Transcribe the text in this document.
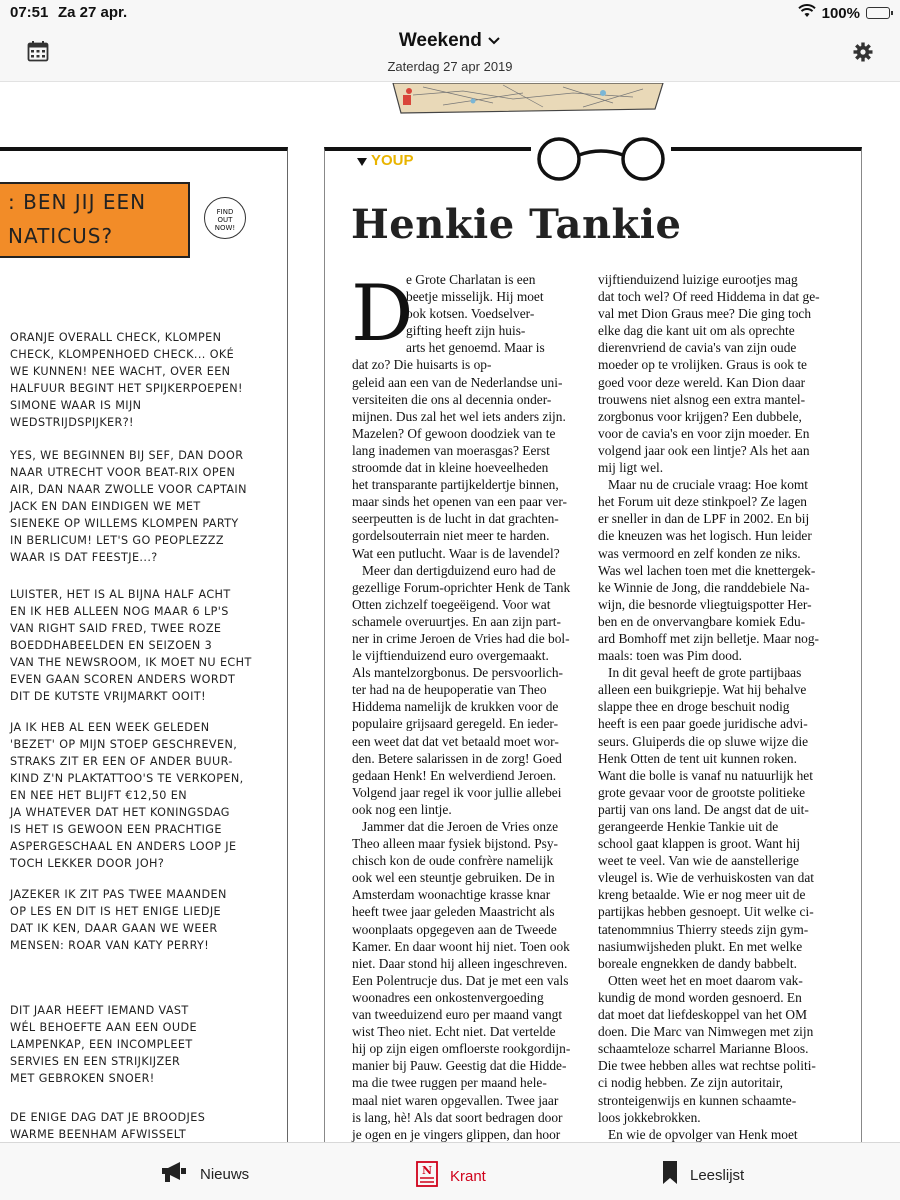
07:51 Za 27 apr.	100%
Weekend
Zaterdag 27 apr 2019
: BEN JIJ EEN
NATICUS?
FIND
OUT
NOW!

ORANJE OVERALL CHECK, KLOMPEN

CHECK, KLOMPENHOED CHECK... OKÉ

WE KUNNEN! NEE WACHT, OVER EEN

HALFUUR BEGINT HET SPIJKERPOEPEN!

SIMONE WAAR IS MIJN

WEDSTRIJDSPIJKER?!

YES, WE BEGINNEN BIJ SEF, DAN DOOR

NAAR UTRECHT VOOR BEAT-RIX OPEN

AIR, DAN NAAR ZWOLLE VOOR CAPTAIN

JACK EN DAN EINDIGEN WE MET

SIENEKE OP WILLEMS KLOMPEN PARTY

IN BERLICUM! LET'S GO PEOPLEZZZ

WAAR IS DAT FEESTJE...?

LUISTER, HET IS AL BIJNA HALF ACHT

EN IK HEB ALLEEN NOG MAAR 6 LP'S

VAN RIGHT SAID FRED, TWEE ROZE

BOEDDHABEELDEN EN SEIZOEN 3

VAN THE NEWSROOM, IK MOET NU ECHT

EVEN GAAN SCOREN ANDERS WORDT

DIT DE KUTSTE VRIJMARKT OOIT!

JA IK HEB AL EEN WEEK GELEDEN

'BEZET' OP MIJN STOEP GESCHREVEN,

STRAKS ZIT ER EEN OF ANDER BUUR-

KIND Z'N PLAKTATTOO'S TE VERKOPEN,

EN NEE HET BLIJFT €12,50 EN

JA WHATEVER DAT HET KONINGSDAG

IS HET IS GEWOON EEN PRACHTIGE

ASPERGESCHAAL EN ANDERS LOOP JE

TOCH LEKKER DOOR JOH?

JAZEKER IK ZIT PAS TWEE MAANDEN

OP LES EN DIT IS HET ENIGE LIEDJE

DAT IK KEN, DAAR GAAN WE WEER

MENSEN: ROAR VAN KATY PERRY!

DIT JAAR HEEFT IEMAND VAST

WÉL BEHOEFTE AAN EEN OUDE

LAMPENKAP, EEN INCOMPLEET

SERVIES EN EEN STRIJKIJZER

MET GEBROKEN SNOER!

DE ENIGE DAG DAT JE BROODJES

WARME BEENHAM AFWISSELT

YOUP
Henkie Tankie
D

e Grote Charlatan is een

beetje misselijk. Hij moet

ook kotsen. Voedselver-

gifting heeft zijn huis-

arts het genoemd. Maar is

dat zo? Die huisarts is op-

geleid aan een van de Nederlandse uni-

versiteiten die ons al decennia onder-

mijnen. Dus zal het wel iets anders zijn.

Mazelen? Of gewoon doodziek van te

lang inademen van moerasgas? Eerst

stroomde dat in kleine hoeveelheden

het transparante partijkeldertje binnen,

maar sinds het openen van een paar ver-

seerpeutten is de lucht in dat grachten-

gordelsouterrain niet meer te harden.

Wat een putlucht. Waar is de lavendel?

Meer dan dertigduizend euro had de

gezellige Forum-oprichter Henk de Tank

Otten zichzelf toegeëigend. Voor wat

schamele overuurtjes. En aan zijn part-

ner in crime Jeroen de Vries had die bol-

le vijftienduizend euro overgemaakt.

Als mantelzorgbonus. De persvoorlich-

ter had na de heupoperatie van Theo

Hiddema namelijk de krukken voor de

populaire grijsaard geregeld. En ieder-

een weet dat dat vet betaald moet wor-

den. Betere salarissen in de zorg! Goed

gedaan Henk! En welverdiend Jeroen.

Volgend jaar regel ik voor jullie allebei

ook nog een lintje.

Jammer dat die Jeroen de Vries onze

Theo alleen maar fysiek bijstond. Psy-

chisch kon de oude confrère namelijk

ook wel een steuntje gebruiken. De in

Amsterdam woonachtige krasse knar

heeft twee jaar geleden Maastricht als

woonplaats opgegeven aan de Tweede

Kamer. En daar woont hij niet. Toen ook

niet. Daar stond hij alleen ingeschreven.

Een Polentrucje dus. Dat je met een vals

woonadres een onkostenvergoeding

van tweeduizend euro per maand vangt

wist Theo niet. Echt niet. Dat vertelde

hij op zijn eigen omfloerste rookgordijn-

manier bij Pauw. Geestig dat die Hidde-

ma die twee ruggen per maand hele-

maal niet waren opgevallen. Twee jaar

is lang, hè! Als dat soort bedragen door

je ogen en je vingers glippen, dan hoor

vijftienduizend luizige eurootjes mag

dat toch wel? Of reed Hiddema in dat ge-

val met Dion Graus mee? Die ging toch

elke dag die kant uit om als oprechte

dierenvriend de cavia's van zijn oude

moeder op te vrolijken. Graus is ook te

goed voor deze wereld. Kan Dion daar

trouwens niet alsnog een extra mantel-

zorgbonus voor krijgen? Een dubbele,

voor de cavia's en voor zijn moeder. En

volgend jaar ook een lintje? Als het aan

mij ligt wel.

Maar nu de cruciale vraag: Hoe komt

het Forum uit deze stinkpoel? Ze lagen

er sneller in dan de LPF in 2002. En bij

die kneuzen was het logisch. Hun leider

was vermoord en zelf konden ze niks.

Was wel lachen toen met die knettergek-

ke Winnie de Jong, die randdebiele Na-

wijn, die besnorde vliegtuigspotter Her-

ben en de onvervangbare komiek Edu-

ard Bomhoff met zijn belletje. Maar nog-

maals: toen was Pim dood.

In dit geval heeft de grote partijbaas

alleen een buikgriepje. Wat hij behalve

slappe thee en droge beschuit nodig

heeft is een paar goede juridische advi-

seurs. Gluiperds die op sluwe wijze die

Henk Otten de tent uit kunnen roken.

Want die bolle is vanaf nu natuurlijk het

grote gevaar voor de grootste politieke

partij van ons land. De angst dat de uit-

gerangeerde Henkie Tankie uit de

school gaat klappen is groot. Want hij

weet te veel. Van wie de aanstellerige

vleugel is. Wie de verhuiskosten van dat

kreng betaalde. Wie er nog meer uit de

partijkas hebben gesnoept. Uit welke ci-

tatenommnius Thierry steeds zijn gym-

nasiumwijsheden plukt. En met welke

boreale engnekken de dandy babbelt.

Otten weet het en moet daarom vak-

kundig de mond worden gesnoerd. En

dat moet dat liefdeskoppel van het OM

doen. Die Marc van Nimwegen met zijn

schaamteloze scharrel Marianne Bloos.

Die twee hebben alles wat rechtse politi-

ci nodig hebben. Ze zijn autoritair,

stronteigenwijs en kunnen schaamte-

loos jokkebrokken.

En wie de opvolger van Henk moet

Nieuws	N Krant	Leeslijst
